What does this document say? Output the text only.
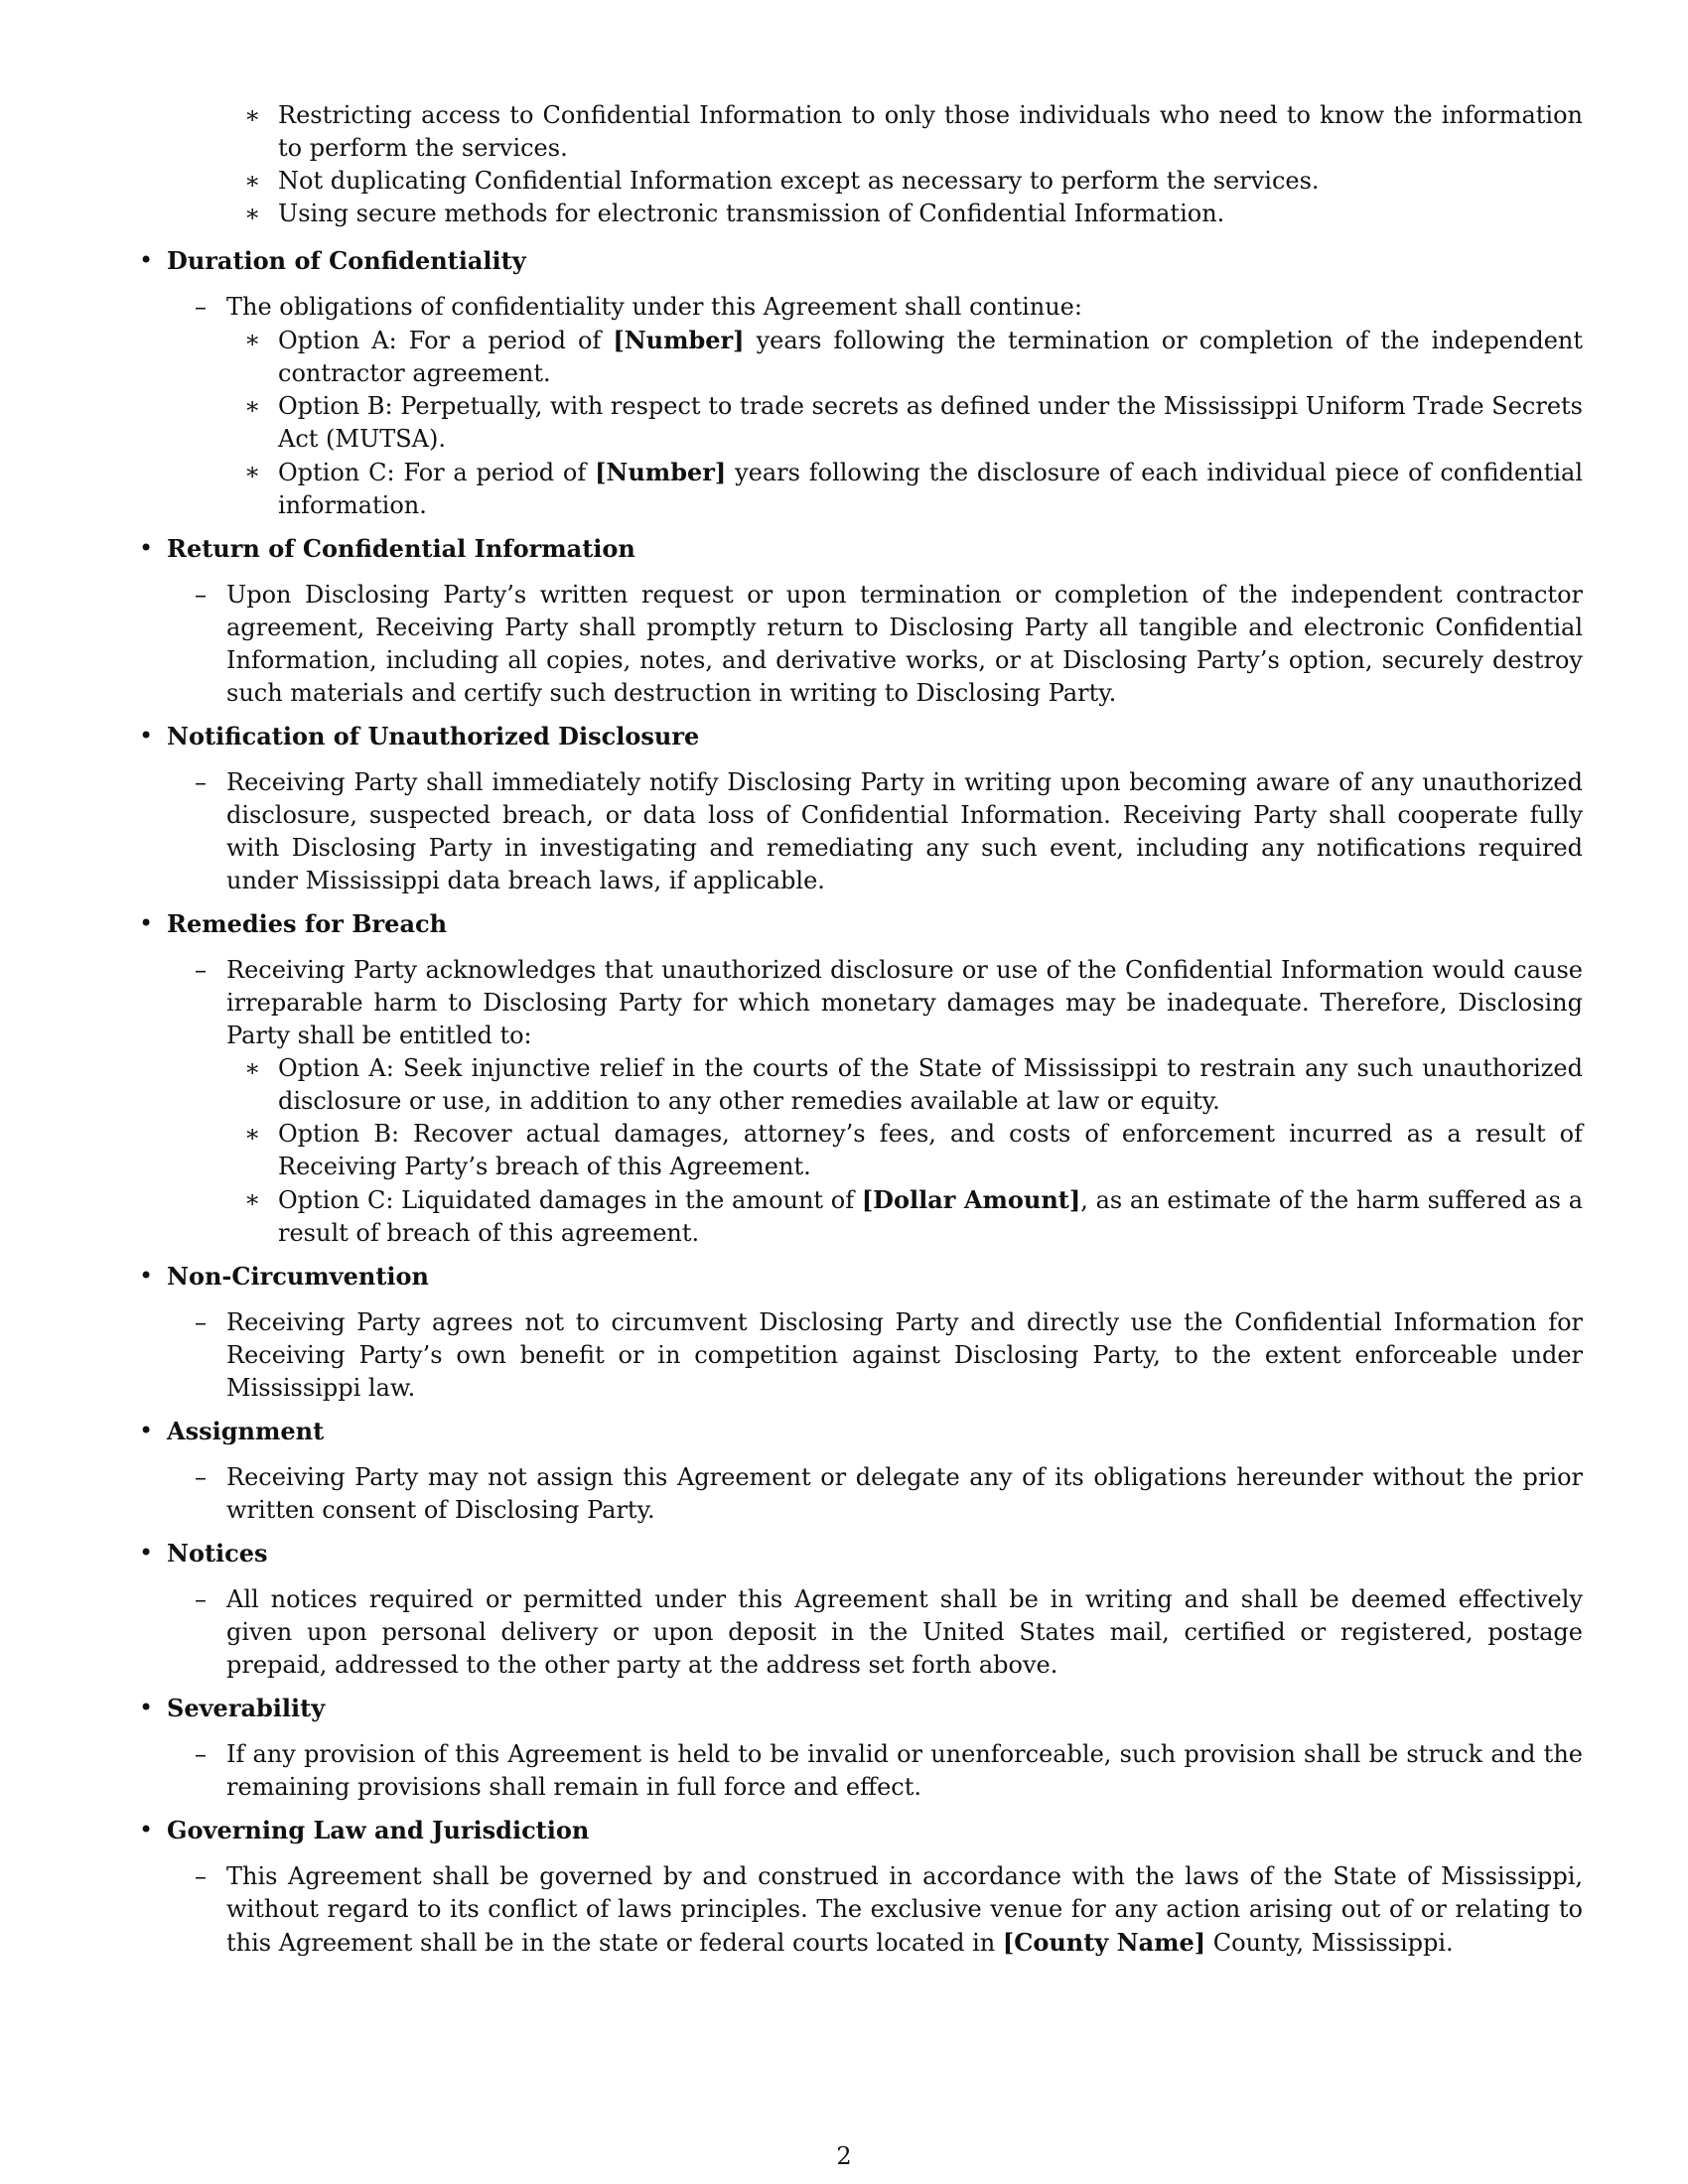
∗ Restricting access to Confidential Information to only those individuals who need to know the information to perform the services.
∗ Not duplicating Confidential Information except as necessary to perform the services.
∗ Using secure methods for electronic transmission of Confidential Information.
• Duration of Confidentiality
– The obligations of confidentiality under this Agreement shall continue:
∗ Option A: For a period of [Number] years following the termination or completion of the independent contractor agreement.
∗ Option B: Perpetually, with respect to trade secrets as defined under the Mississippi Uniform Trade Secrets Act (MUTSA).
∗ Option C: For a period of [Number] years following the disclosure of each individual piece of confidential information.
• Return of Confidential Information
– Upon Disclosing Party’s written request or upon termination or completion of the independent contractor agreement, Receiving Party shall promptly return to Disclosing Party all tangible and electronic Confidential Information, including all copies, notes, and derivative works, or at Disclosing Party’s option, securely destroy such materials and certify such destruction in writing to Disclosing Party.
• Notification of Unauthorized Disclosure
– Receiving Party shall immediately notify Disclosing Party in writing upon becoming aware of any unauthorized disclosure, suspected breach, or data loss of Confidential Information. Receiving Party shall cooperate fully with Disclosing Party in investigating and remediating any such event, including any notifications required under Mississippi data breach laws, if applicable.
• Remedies for Breach
– Receiving Party acknowledges that unauthorized disclosure or use of the Confidential Information would cause irreparable harm to Disclosing Party for which monetary damages may be inadequate. Therefore, Disclosing Party shall be entitled to:
∗ Option A: Seek injunctive relief in the courts of the State of Mississippi to restrain any such unauthorized disclosure or use, in addition to any other remedies available at law or equity.
∗ Option B: Recover actual damages, attorney’s fees, and costs of enforcement incurred as a result of Receiving Party’s breach of this Agreement.
∗ Option C: Liquidated damages in the amount of [Dollar Amount], as an estimate of the harm suffered as a result of breach of this agreement.
• Non-Circumvention
– Receiving Party agrees not to circumvent Disclosing Party and directly use the Confidential Information for Receiving Party’s own benefit or in competition against Disclosing Party, to the extent enforceable under Mississippi law.
• Assignment
– Receiving Party may not assign this Agreement or delegate any of its obligations hereunder without the prior written consent of Disclosing Party.
• Notices
– All notices required or permitted under this Agreement shall be in writing and shall be deemed effectively given upon personal delivery or upon deposit in the United States mail, certified or registered, postage prepaid, addressed to the other party at the address set forth above.
• Severability
– If any provision of this Agreement is held to be invalid or unenforceable, such provision shall be struck and the remaining provisions shall remain in full force and effect.
• Governing Law and Jurisdiction
– This Agreement shall be governed by and construed in accordance with the laws of the State of Mississippi, without regard to its conflict of laws principles. The exclusive venue for any action arising out of or relating to this Agreement shall be in the state or federal courts located in [County Name] County, Mississippi.
2
